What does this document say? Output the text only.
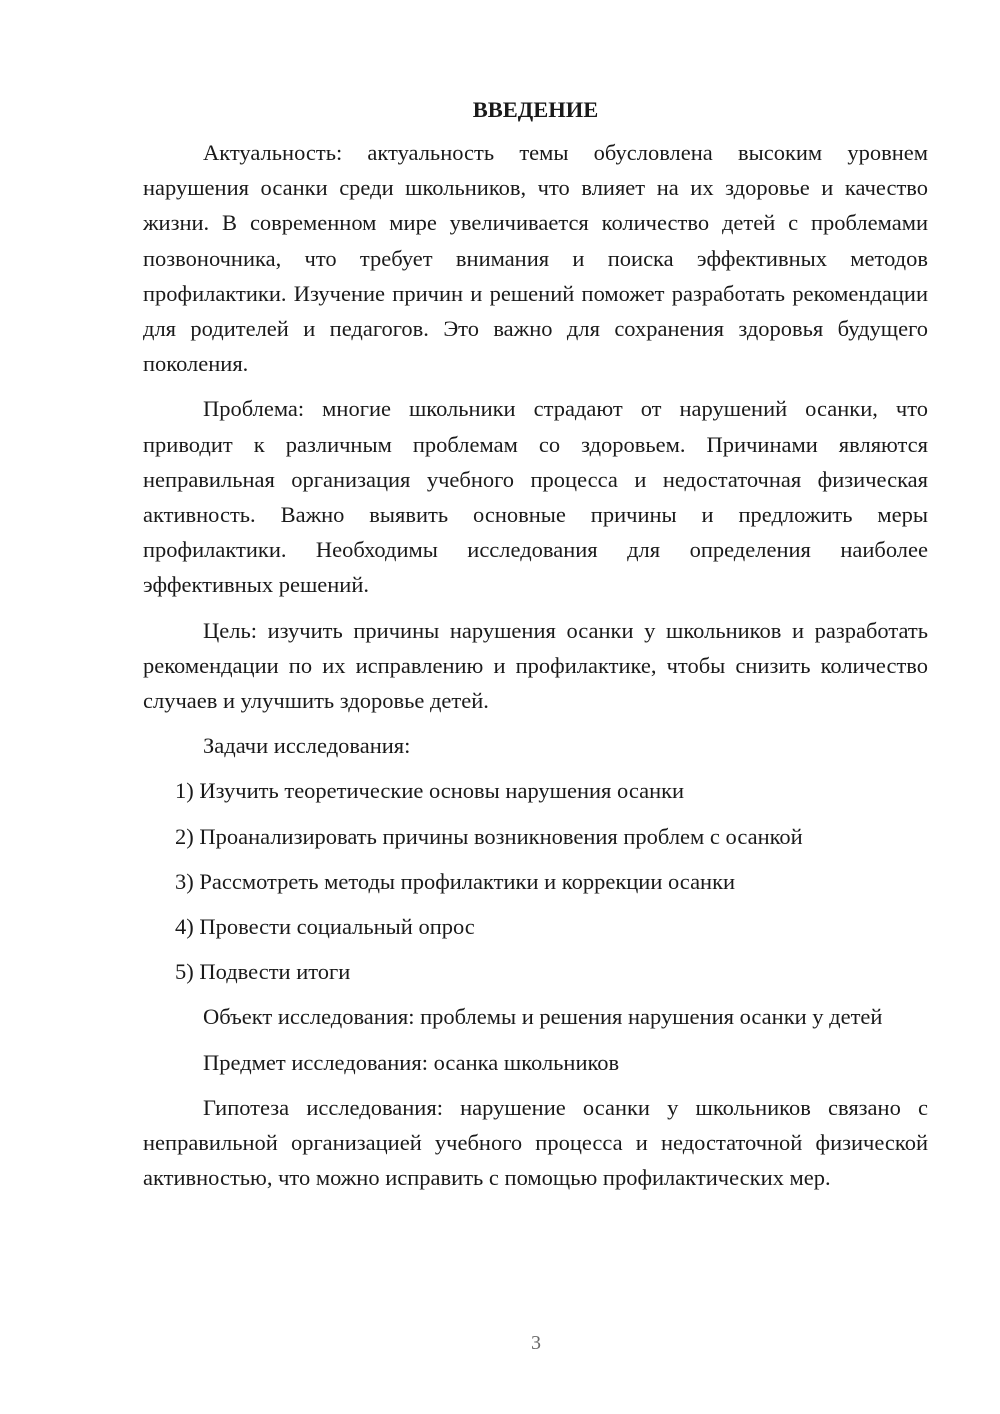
ВВЕДЕНИЕ

Актуальность: актуальность темы обусловлена высоким уровнем нарушения осанки среди школьников, что влияет на их здоровье и качество жизни. В современном мире увеличивается количество детей с проблемами позвоночника, что требует внимания и поиска эффективных методов профилактики. Изучение причин и решений поможет разработать рекомендации для родителей и педагогов. Это важно для сохранения здоровья будущего поколения.

Проблема: многие школьники страдают от нарушений осанки, что приводит к различным проблемам со здоровьем. Причинами являются неправильная организация учебного процесса и недостаточная физическая активность. Важно выявить основные причины и предложить меры профилактики. Необходимы исследования для определения наиболее эффективных решений.

Цель: изучить причины нарушения осанки у школьников и разработать рекомендации по их исправлению и профилактике, чтобы снизить количество случаев и улучшить здоровье детей.

Задачи исследования:

1) Изучить теоретические основы нарушения осанки

2) Проанализировать причины возникновения проблем с осанкой

3) Рассмотреть методы профилактики и коррекции осанки

4) Провести социальный опрос

5) Подвести итоги

Объект исследования: проблемы и решения нарушения осанки у детей

Предмет исследования: осанка школьников

Гипотеза исследования: нарушение осанки у школьников связано с неправильной организацией учебного процесса и недостаточной физической активностью, что можно исправить с помощью профилактических мер.

3
